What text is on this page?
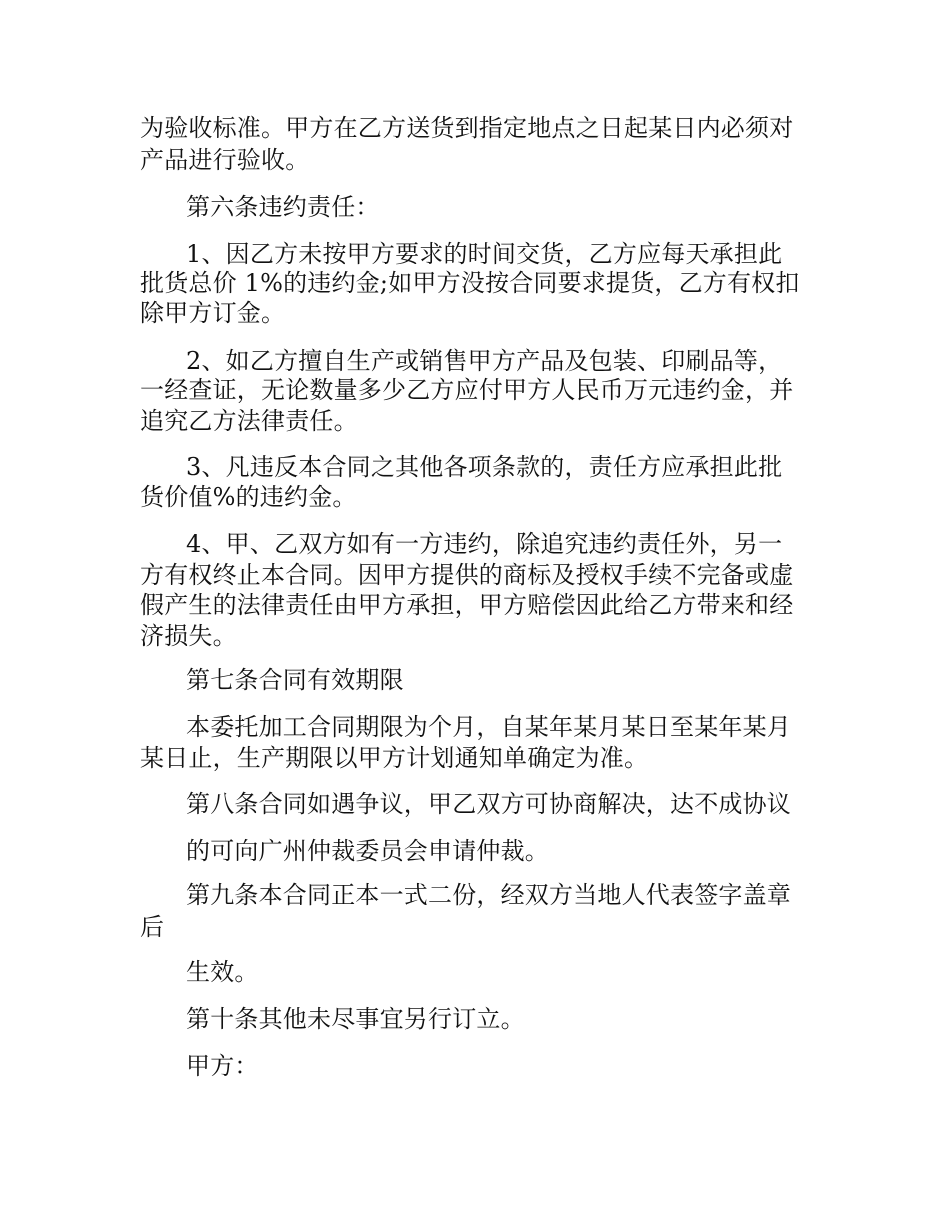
为验收标准。甲方在乙方送货到指定地点之日起某日内必须对
产品进行验收。
第六条违约责任：
1、因乙方未按甲方要求的时间交货，乙方应每天承担此
批货总价 1%的违约金;如甲方没按合同要求提货，乙方有权扣
除甲方订金。
2、如乙方擅自生产或销售甲方产品及包装、印刷品等，
一经查证，无论数量多少乙方应付甲方人民币万元违约金，并
追究乙方法律责任。
3、凡违反本合同之其他各项条款的，责任方应承担此批
货价值%的违约金。
4、甲、乙双方如有一方违约，除追究违约责任外，另一
方有权终止本合同。因甲方提供的商标及授权手续不完备或虚
假产生的法律责任由甲方承担，甲方赔偿因此给乙方带来和经
济损失。
第七条合同有效期限
本委托加工合同期限为个月，自某年某月某日至某年某月
某日止，生产期限以甲方计划通知单确定为准。
第八条合同如遇争议，甲乙双方可协商解决，达不成协议
的可向广州仲裁委员会申请仲裁。
第九条本合同正本一式二份，经双方当地人代表签字盖章
后
生效。
第十条其他未尽事宜另行订立。
甲方：
